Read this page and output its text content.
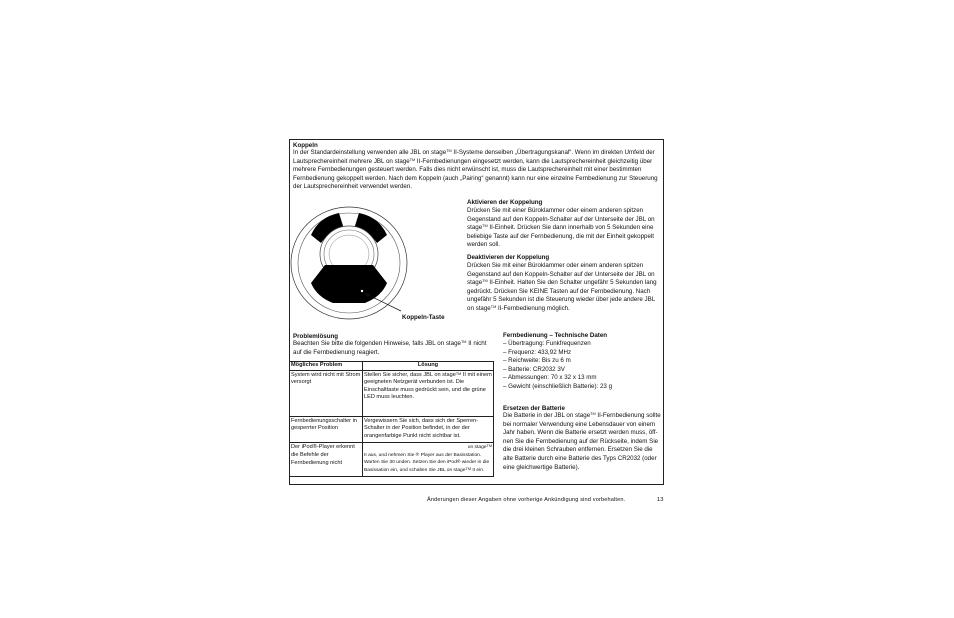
Koppeln

In der Standardeinstellung verwenden alle JBL on stage™ II-Systeme denselben „Übertragungskanal“. Wenn im direkten Umfeld der Lautsprechereinheit mehrere JBL on stage™ II-Fernbedienungen eingesetzt werden, kann die Lautsprechereinheit gleichzeitig über mehrere Fernbedienungen gesteuert werden. Falls dies nicht erwünscht ist, muss die Lautsprechereinheit mit einer bestimmten Fernbedienung gekoppelt werden. Nach dem Koppeln (auch „Pairing“ genannt) kann nur eine einzelne Fernbedienung zur Steuerung der Lautsprechereinheit verwendet werden.

Koppeln-Taste

Aktivieren der Koppelung

Drücken Sie mit einer Büroklammer oder einem anderen spitzen Gegenstand auf den Koppeln-Schalter auf der Unterseite der JBL on stage™ II-Einheit. Drücken Sie dann innerhalb von 5 Sekunden eine beliebige Taste auf der Fernbedienung, die mit der Einheit gekoppelt werden soll.

Deaktivieren der Koppelung

Drücken Sie mit einer Büroklammer oder einem anderen spitzen Gegenstand auf den Koppeln-Schalter auf der Unterseite der JBL on stage™ II-Einheit. Halten Sie den Schalter ungefähr 5 Sekunden lang gedrückt. Drücken Sie KEINE Tasten auf der Fernbedienung. Nach ungefähr 5 Sekunden ist die Steuerung wieder über jede andere JBL on stage™ II-Fernbedienung möglich.

Problemlösung

Beachten Sie bitte die folgenden Hinweise, falls JBL on stage™ II nicht auf die Fernbedienung reagiert.

Mögliches Problem	Lösung
System wird nicht mit Strom versorgt	Stellen Sie sicher, dass JBL on stage™ II mit einem geeigneten Netzgerät verbunden ist. Die Einschalttaste muss gedrückt sein, und die grüne LED muss leuchten.
Fernbedienungsschalter in gesperrter Position	Vergewissern Sie sich, dass sich der Sperren-Schalter in der Position befindet, in der der orangenfarbige Punkt nicht sichtbar ist.
Der iPod®-Player erkennt die Befehle der Fernbedienung nicht	on stage™
II aus, und nehmen Sie ® Player aus der Basisstation. Warten Sie 30 unden. Setzen Sie den iPod® wieder in die Basissation ein, und schalten Sie JBL on stage™ II ein.

Fernbedienung – Technische Daten

– Übertragung: Funkfrequenzen
– Frequenz: 433,92 MHz
– Reichweite: Bis zu 6 m
– Batterie: CR2032 3V
– Abmessungen: 70 x 32 x 13 mm
– Gewicht (einschließlich Batterie): 23 g

Ersetzen der Batterie

Die Batterie in der JBL on stage™ II-Fernbedienung sollte bei normaler Verwendung eine Lebensdauer von einem Jahr haben. Wenn die Batterie ersetzt werden muss, öff-nen Sie die Fernbedienung auf der Rückseite, indem Sie die drei kleinen Schrauben entfernen. Ersetzen Sie die alte Batterie durch eine Batterie des Typs CR2032 (oder eine gleichwertige Batterie).

Änderungen dieser Angaben ohne vorherige Ankündigung sind vorbehalten.	13
